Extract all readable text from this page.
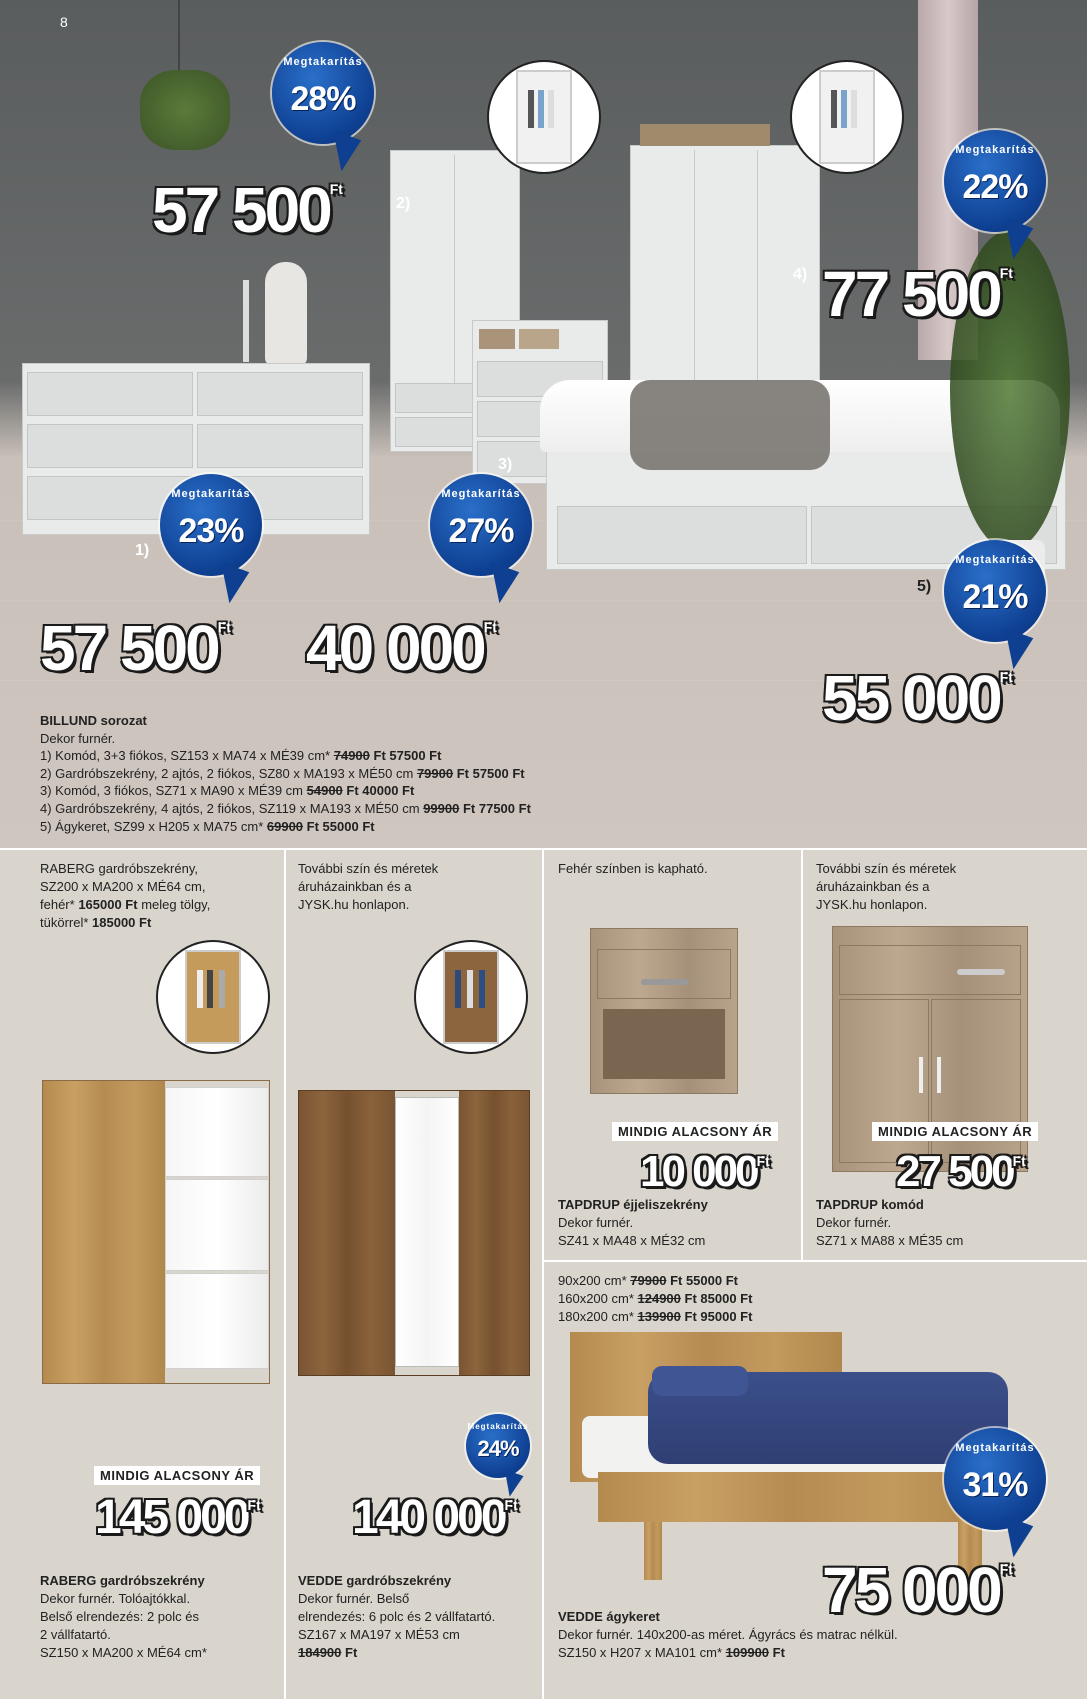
8
1)
2)
3)
4)
5)
Megtakarítás
28%
Megtakarítás
22%
Megtakarítás
23%
Megtakarítás
27%
Megtakarítás
21%
57 $500^{Ft}$
77 $500^{Ft}$
57 $500^{Ft}$ 40 $000^{Ft}$
55 $000^{Ft}$
BILLUND sorozat
Dekor furnér.
1) Komód, 3+3 fiókos, SZ153 x MA74 x MÉ39 cm* 74900 Ft 57500 Ft
2) Gardróbszekrény, 2 ajtós, 2 fiókos, SZ80 x MA193 x MÉ50 cm 79900 Ft 57500 Ft
3) Komód, 3 fiókos, SZ71 x MA90 x MÉ39 cm 54900 Ft 40000 Ft
4) Gardróbszekrény, 4 ajtós, 2 fiókos, SZ119 x MA193 x MÉ50 cm 99900 Ft 77500 Ft
5) Ágykeret, SZ99 x H205 x MA75 cm* 69900 Ft 55000 Ft
RABERG gardróbszekrény,
SZ200 x MA200 x MÉ64 cm,
fehér* 165000 Ft meleg tölgy,
tükörrel* 185000 Ft
MINDIG ALACSONY ÁR
145 $000^{Ft}$
RABERG gardróbszekrény
Dekor furnér. Tolóajtókkal.
Belső elrendezés: 2 polc és
2 vállfatartó.
SZ150 x MA200 x MÉ64 cm*
További szín és méretek
áruházainkban és a
JYSK.hu honlapon.
Megtakarítás
24%
140 $000^{Ft}$
VEDDE gardróbszekrény
Dekor furnér. Belső
elrendezés: 6 polc és 2 vállfatartó.
SZ167 x MA197 x MÉ53 cm
184900 Ft
Fehér színben is kapható.
MINDIG ALACSONY ÁR
10 $000^{Ft}$
TAPDRUP éjjeliszekrény
Dekor furnér.
SZ41 x MA48 x MÉ32 cm
További szín és méretek
áruházainkban és a
JYSK.hu honlapon.
MINDIG ALACSONY ÁR
27 $500^{Ft}$
TAPDRUP komód
Dekor furnér.
SZ71 x MA88 x MÉ35 cm
90x200 cm* 79900 Ft 55000 Ft
160x200 cm* 124900 Ft 85000 Ft
180x200 cm* 139900 Ft 95000 Ft
Megtakarítás
31%
75 $000^{Ft}$
VEDDE ágykeret
Dekor furnér. 140x200-as méret. Ágyrács és matrac nélkül.
SZ150 x H207 x MA101 cm* 109900 Ft
